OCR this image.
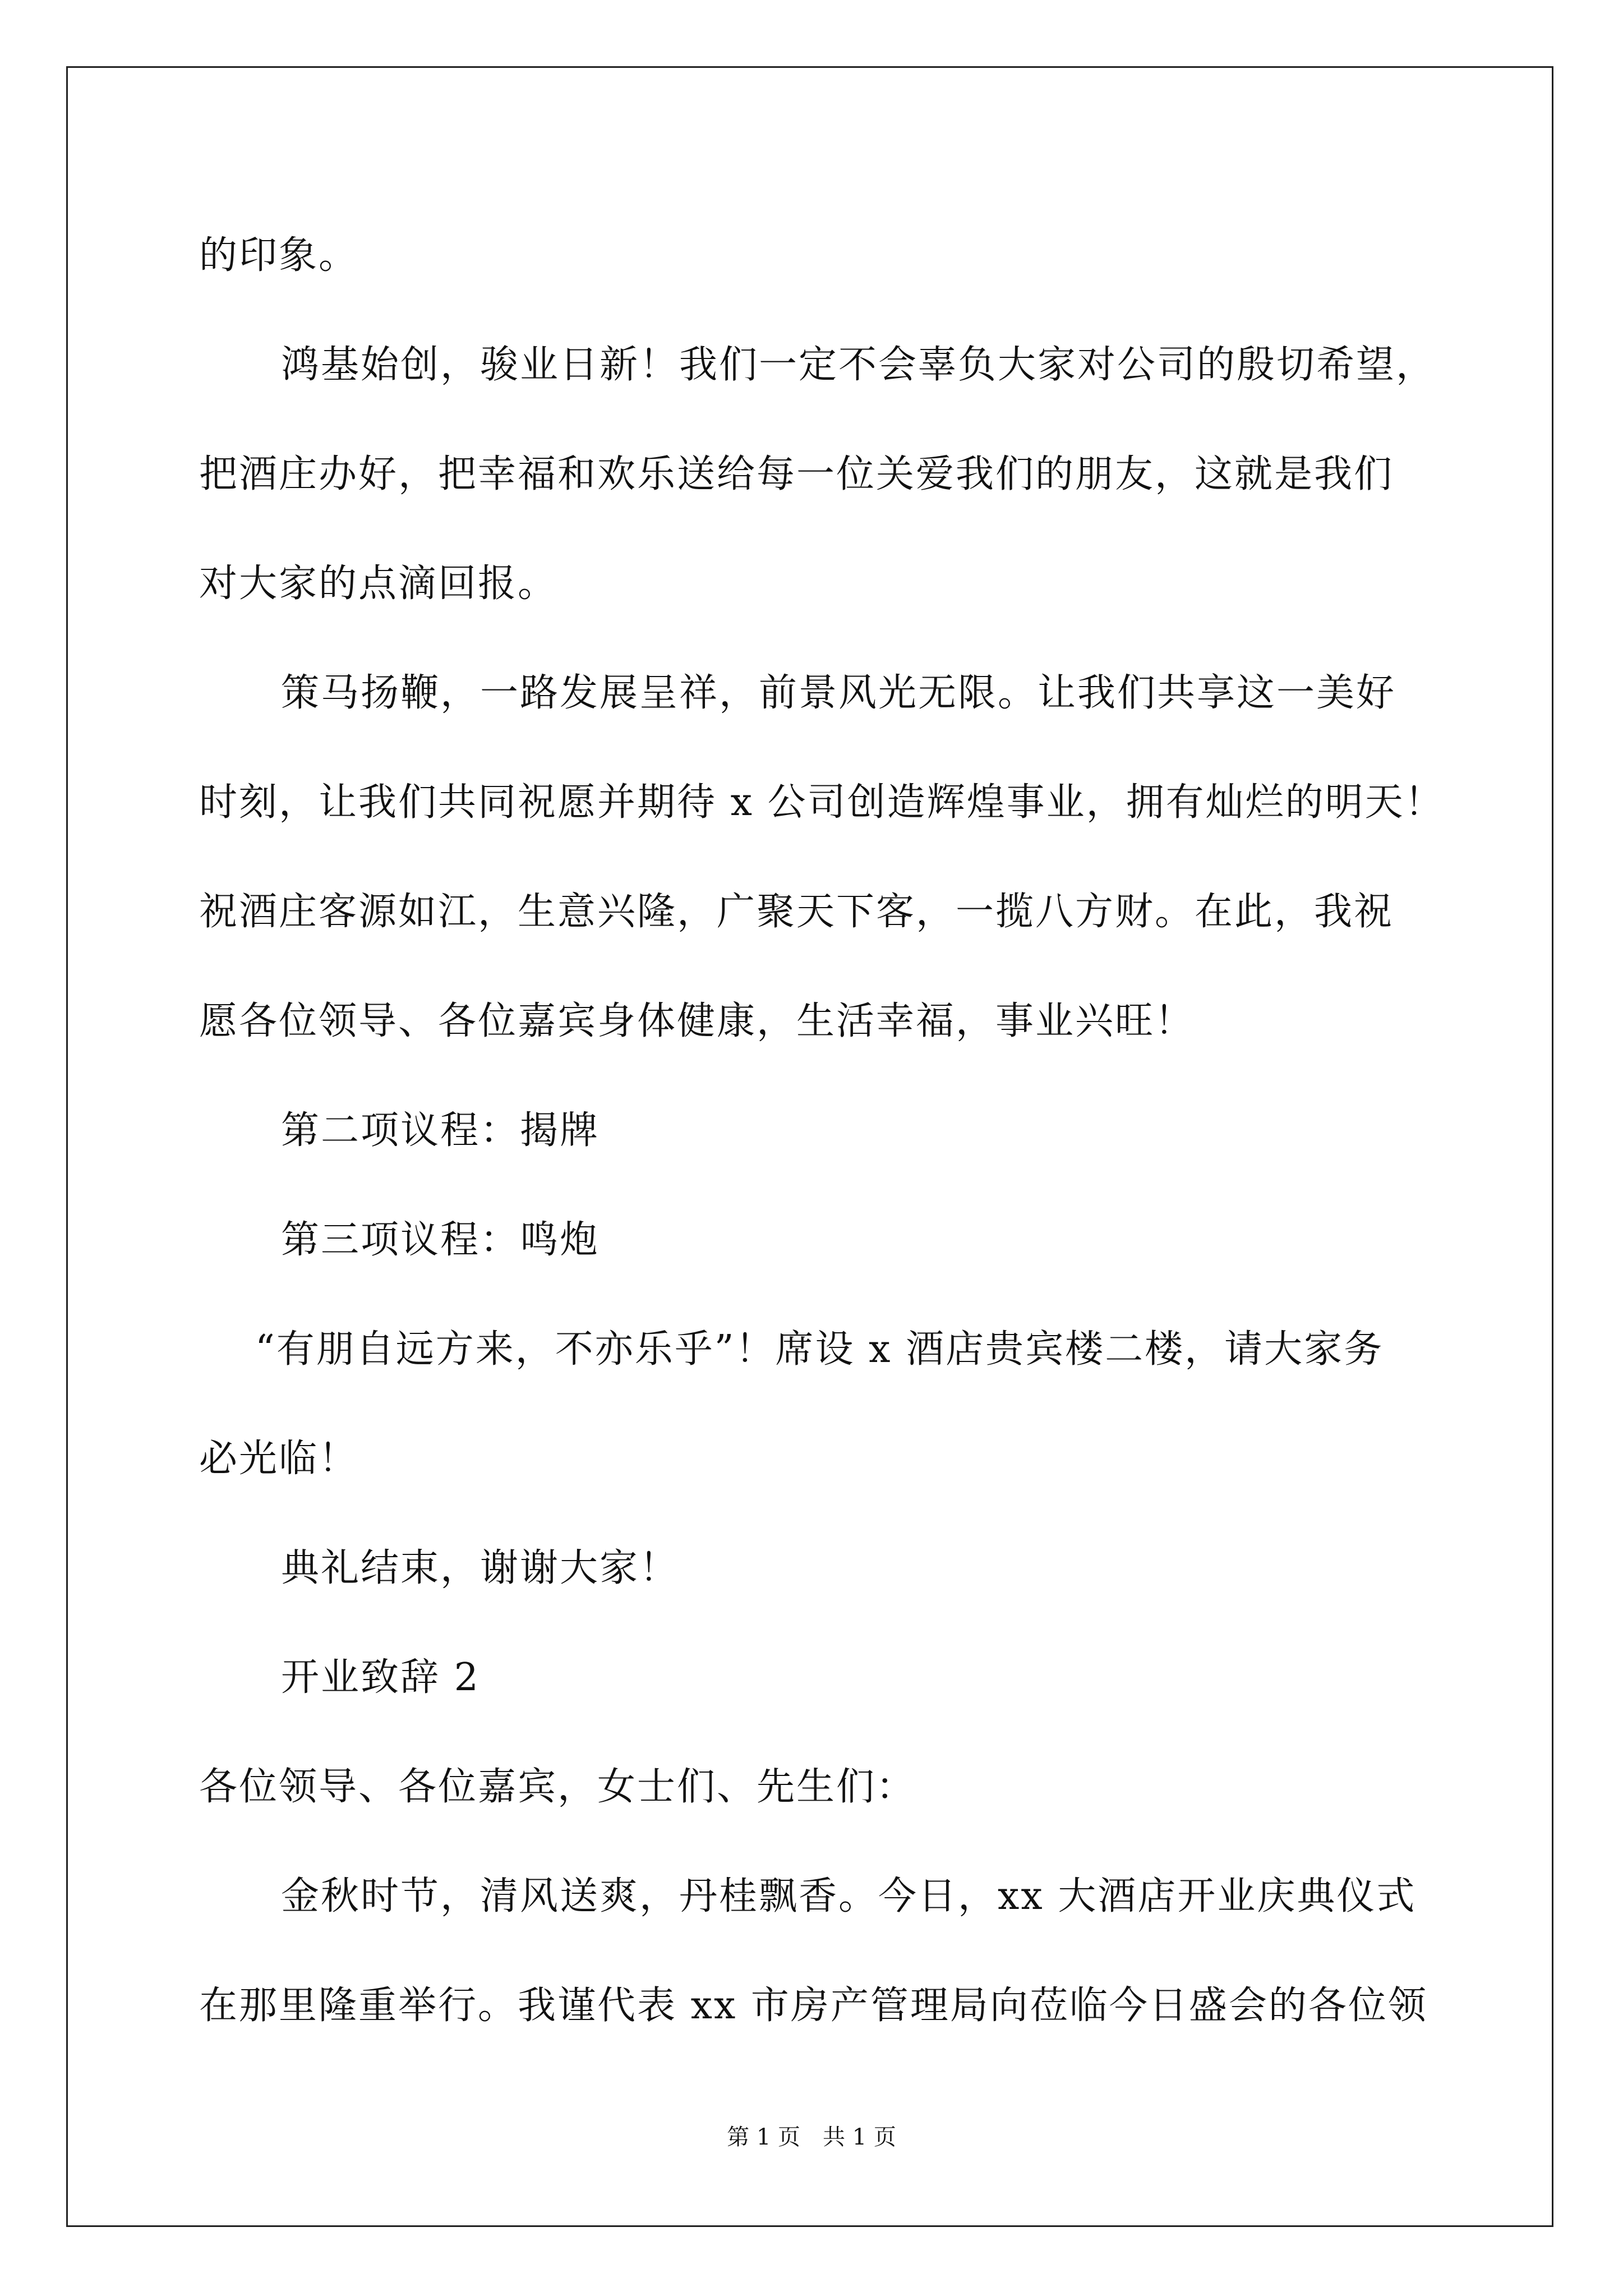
的印象。
鸿基始创，骏业日新！我们一定不会辜负大家对公司的殷切希望，
把酒庄办好，把幸福和欢乐送给每一位关爱我们的朋友，这就是我们
对大家的点滴回报。
策马扬鞭，一路发展呈祥，前景风光无限。让我们共享这一美好
时刻，让我们共同祝愿并期待 x 公司创造辉煌事业，拥有灿烂的明天！
祝酒庄客源如江，生意兴隆，广聚天下客，一揽八方财。在此，我祝
愿各位领导、各位嘉宾身体健康，生活幸福，事业兴旺！
第二项议程：揭牌
第三项议程：鸣炮
“有朋自远方来，不亦乐乎”！席设 x 酒店贵宾楼二楼，请大家务
必光临！
典礼结束，谢谢大家！
开业致辞 2
各位领导、各位嘉宾，女士们、先生们：
金秋时节，清风送爽，丹桂飘香。今日，xx 大酒店开业庆典仪式
在那里隆重举行。我谨代表 xx 市房产管理局向莅临今日盛会的各位领
第 1 页　共 1 页
